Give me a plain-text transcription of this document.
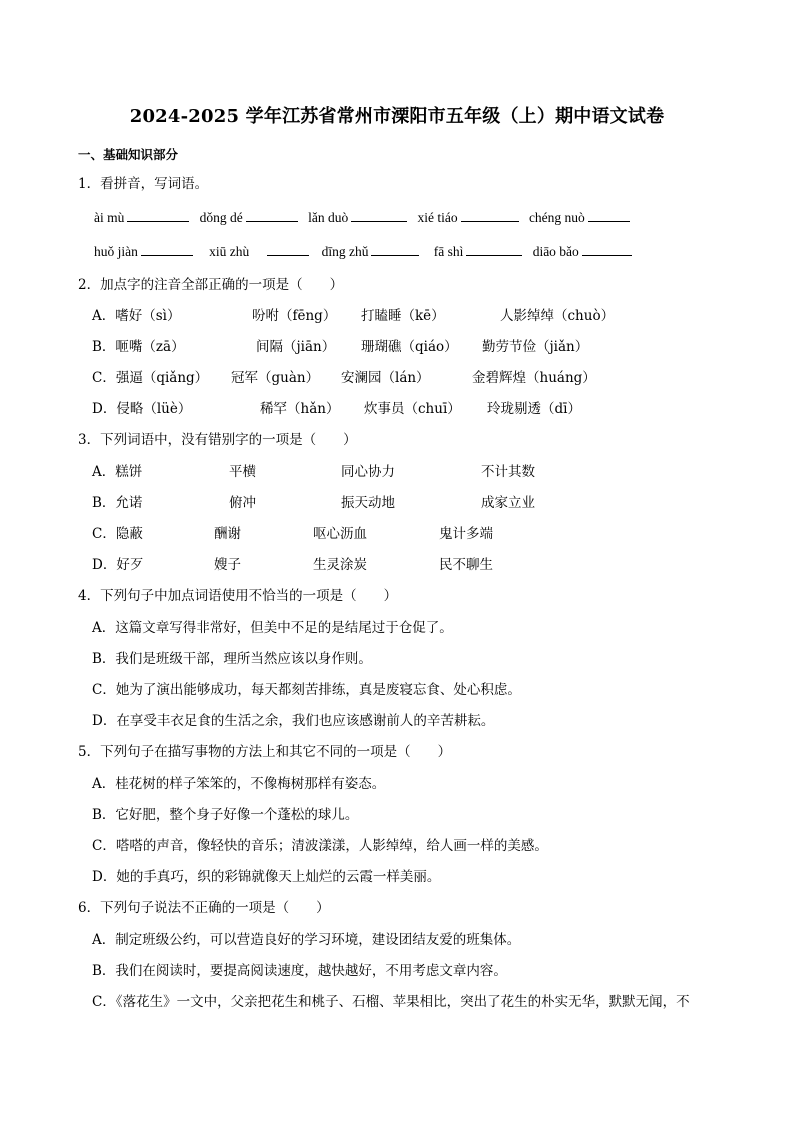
2024-2025 学年江苏省常州市溧阳市五年级（上）期中语文试卷
一、基础知识部分
1．看拼音，写词语。
ài mù	dǒng dé	lǎn duò	xié tiáo	chéng nuò
huǒ jiàn	xiū zhù	dīng zhǔ	fā shì	diāo bǎo
2．加点字的注音全部正确的一项是（　　）
A．嗜好（sì）	吩咐（fēng） 打瞌睡（kē）	人影绰绰（chuò）
B．咂嘴（zā）	间隔（jiān） 珊瑚礁（qiáo） 勤劳节俭（jiǎn）
C．强逼（qiǎng） 冠军（guàn） 安澜园（lán）	金碧辉煌（huáng）
D．侵略（lüè）	稀罕（hǎn） 炊事员（chuī） 玲珑剔透（dī）
3．下列词语中，没有错别字的一项是（　　）
A．糕饼	平横	同心协力	不计其数
B．允诺	俯冲	振天动地	成家立业
C．隐蔽	酬谢	呕心沥血	鬼计多端
D．好歹	嫂子	生灵涂炭	民不聊生
4．下列句子中加点词语使用不恰当的一项是（　　）
A．这篇文章写得非常好，但美中不足的是结尾过于仓促了。
B．我们是班级干部，理所当然应该以身作则。
C．她为了演出能够成功，每天都刻苦排练，真是废寝忘食、处心积虑。
D．在享受丰衣足食的生活之余，我们也应该感谢前人的辛苦耕耘。
5．下列句子在描写事物的方法上和其它不同的一项是（　　）
A．桂花树的样子笨笨的，不像梅树那样有姿态。
B．它好肥，整个身子好像一个蓬松的球儿。
C．嗒嗒的声音，像轻快的音乐；清波漾漾，人影绰绰，给人画一样的美感。
D．她的手真巧，织的彩锦就像天上灿烂的云霞一样美丽。
6．下列句子说法不正确的一项是（　　）
A．制定班级公约，可以营造良好的学习环境，建设团结友爱的班集体。
B．我们在阅读时，要提高阅读速度，越快越好，不用考虑文章内容。
C．《落花生》一文中，父亲把花生和桃子、石榴、苹果相比，突出了花生的朴实无华，默默无闻，不
